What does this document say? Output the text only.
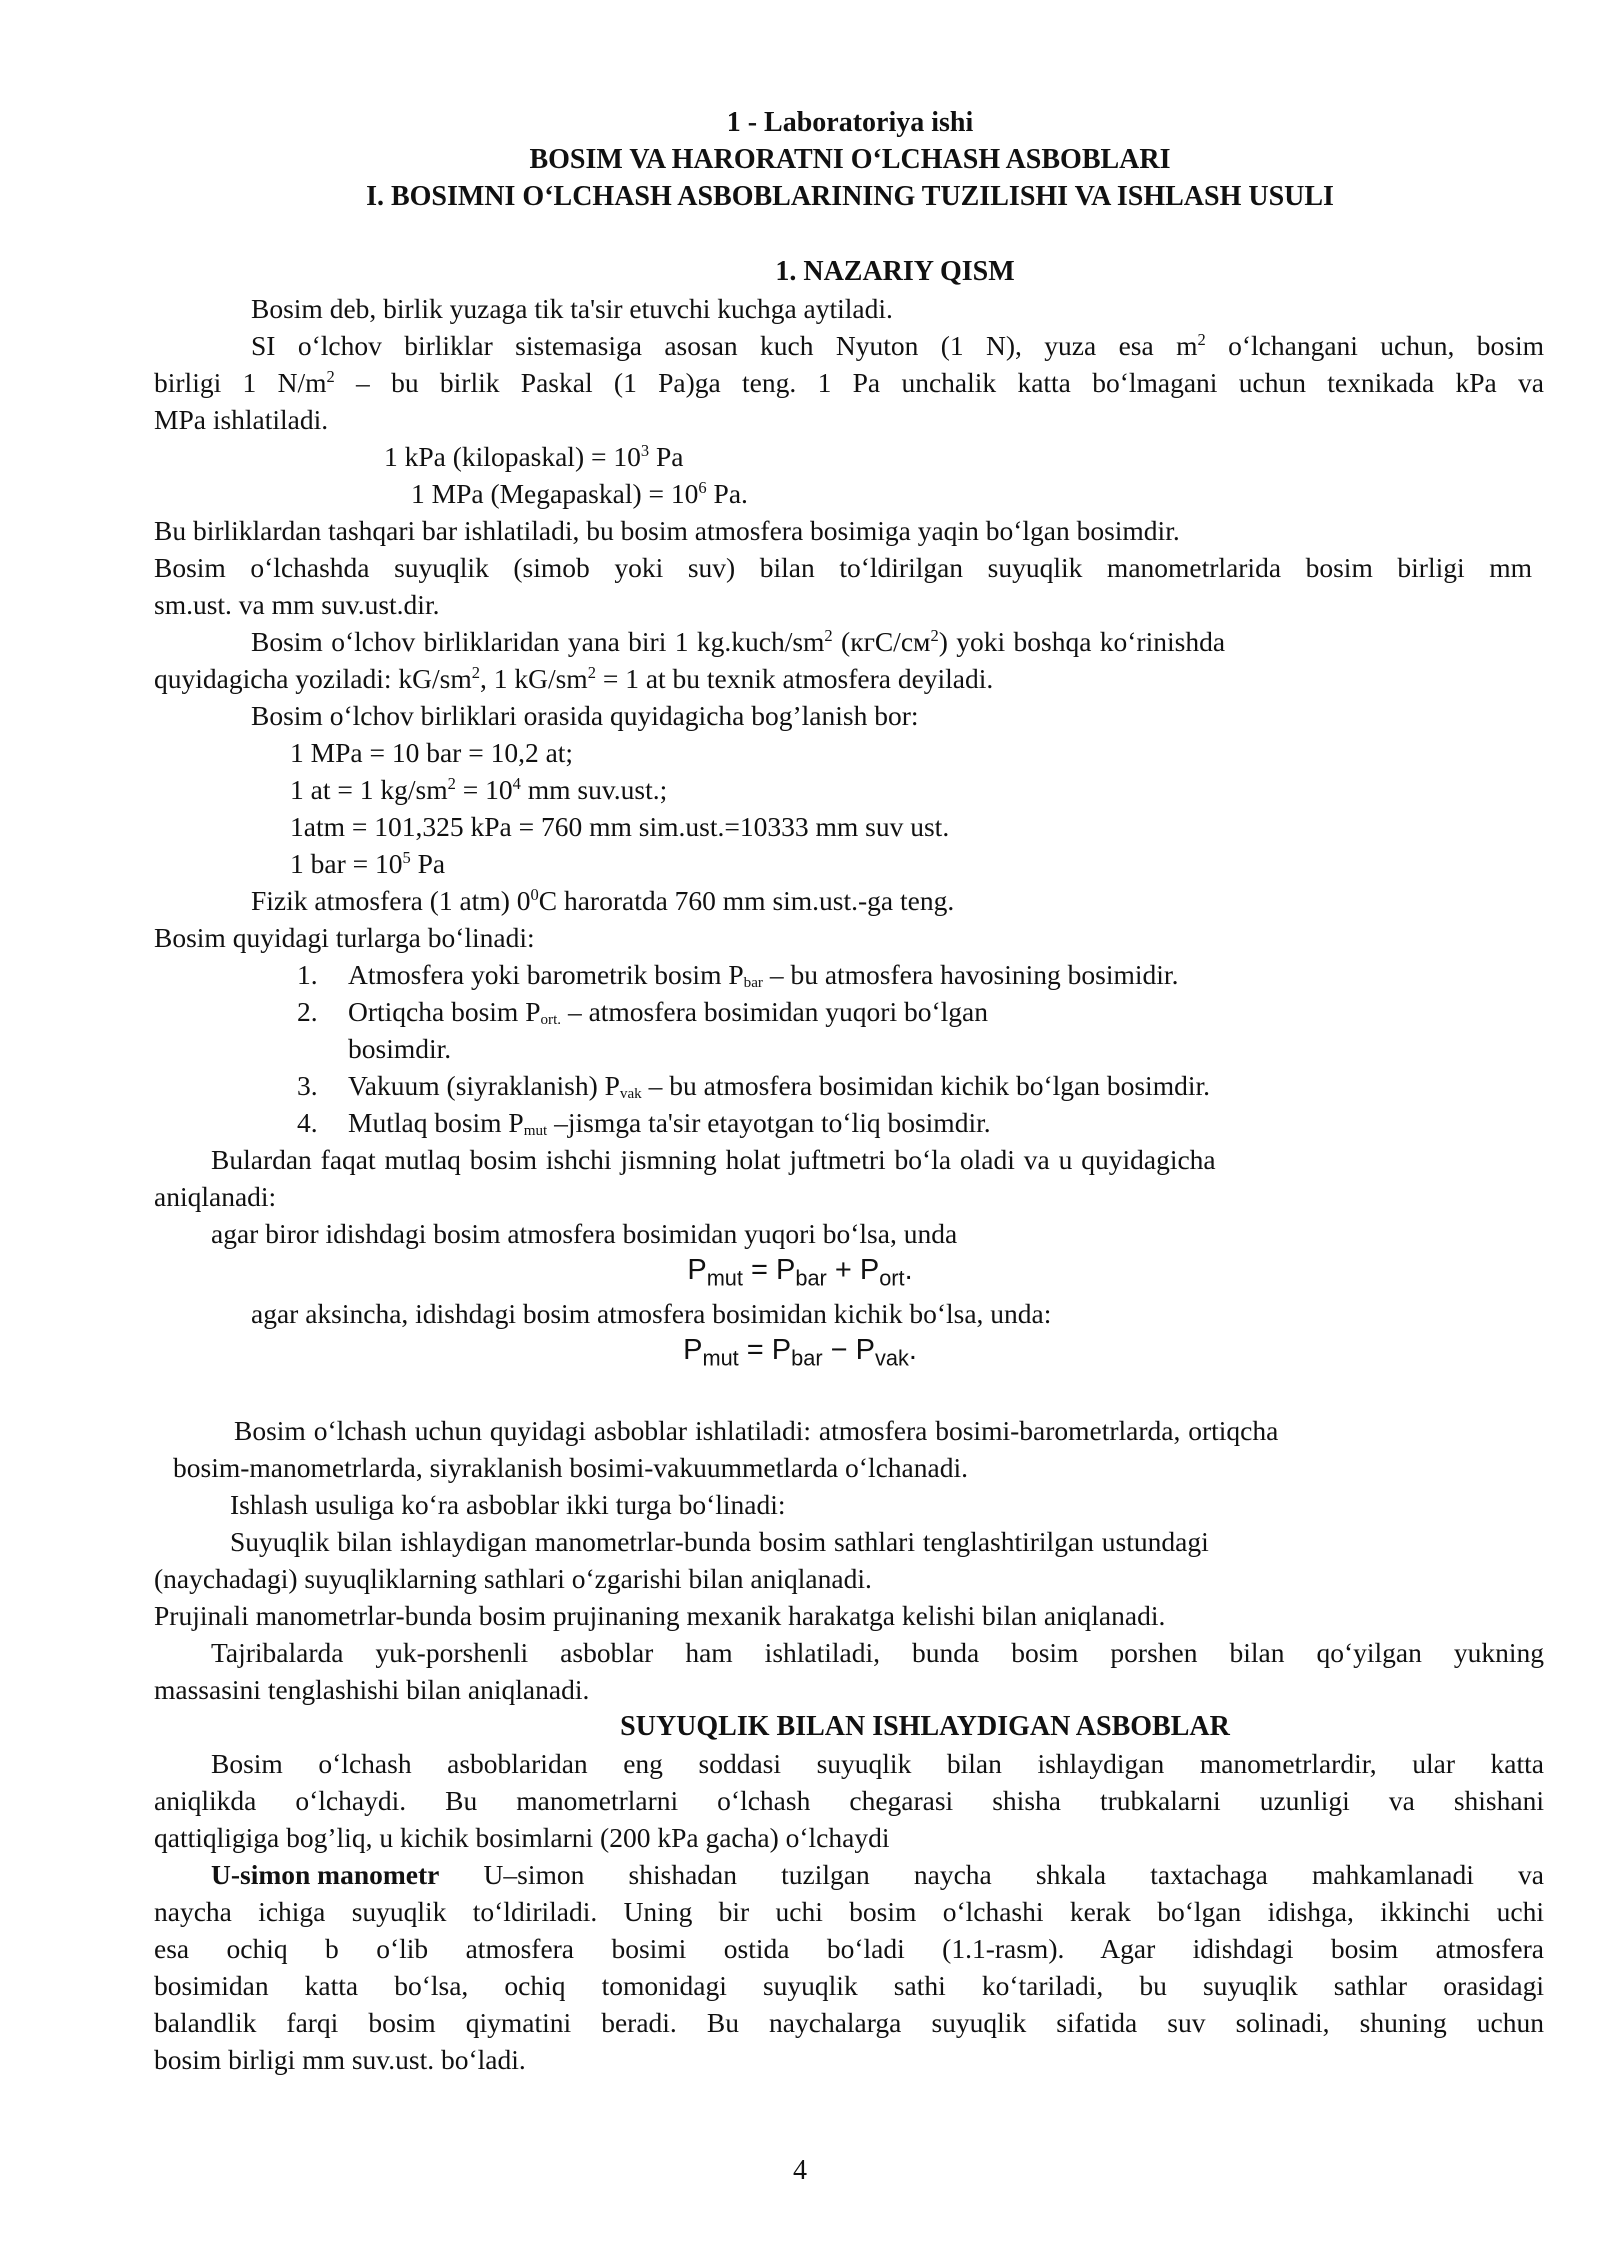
1 - Laboratoriya ishi
BOSIM VA HARORATNI O‘LCHASH ASBOBLARI
I. BOSIMNI O‘LCHASH ASBOBLARINING TUZILISHI VA ISHLASH USULI
1. NAZARIY QISM
Bosim deb, birlik yuzaga tik ta'sir etuvchi kuchga aytiladi.
SI o‘lchov birliklar sistemasiga asosan kuch Nyuton (1 N), yuza esa $m^2$ o‘lchangani uchun, bosim
birligi 1 $N/m^2$ – bu birlik Paskal (1 Pa)ga teng. 1 Pa unchalik katta bo‘lmagani uchun texnikada kPa va
MPa ishlatiladi.
1 kPa (kilopaskal) = $10^3$ Pa
1 MPa (Megapaskal) = $10^6$ Pa.
Bu birliklardan tashqari bar ishlatiladi, bu bosim atmosfera bosimiga yaqin bo‘lgan bosimdir.
Bosim o‘lchashda suyuqlik (simob yoki suv) bilan to‘ldirilgan suyuqlik manometrlarida bosim birligi mm
sm.ust. va mm suv.ust.dir.
Bosim o‘lchov birliklaridan yana biri 1 $kg.kuch/sm^2$ $(кгС/см^2)$ yoki boshqa ko‘rinishda
quyidagicha yoziladi: $kG/sm^2$, 1 $kG/sm^2 = 1$ at bu texnik atmosfera deyiladi.
Bosim o‘lchov birliklari orasida quyidagicha bog’lanish bor:
1 MPa = 10 bar = 10,2 at;
1 at = 1 $kg/sm^2 = 10^4$ mm suv.ust.;
1atm = 101,325 kPa = 760 mm sim.ust.=10333 mm suv ust.
1 bar = $10^5$ Pa
Fizik atmosfera (1 atm) $0^0C$ haroratda 760 mm sim.ust.-ga teng.
Bosim quyidagi turlarga bo‘linadi:
1.	Atmosfera yoki barometrik bosim $P_{bar}$ – bu atmosfera havosining bosimidir.
2.	Ortiqcha bosim $P_{ort.}$ – atmosfera bosimidan yuqori bo‘lgan
bosimdir.
3.	Vakuum (siyraklanish) $P_{vak}$ – bu atmosfera bosimidan kichik bo‘lgan bosimdir.
4.	Mutlaq bosim $P_{mut}$ –jismga ta'sir etayotgan to‘liq bosimdir.
Bulardan faqat mutlaq bosim ishchi jismning holat juftmetri bo‘la oladi va u quyidagicha
aniqlanadi:
agar biror idishdagi bosim atmosfera bosimidan yuqori bo‘lsa, unda
$P_{mut} = P_{bar} + P_{ort}$.
agar aksincha, idishdagi bosim atmosfera bosimidan kichik bo‘lsa, unda:
$P_{mut} = P_{bar} - P_{vak}$.
Bosim o‘lchash uchun quyidagi asboblar ishlatiladi: atmosfera bosimi-barometrlarda, ortiqcha
bosim-manometrlarda, siyraklanish bosimi-vakuummetlarda o‘lchanadi.
Ishlash usuliga ko‘ra asboblar ikki turga bo‘linadi:
Suyuqlik bilan ishlaydigan manometrlar-bunda bosim sathlari tenglashtirilgan ustundagi
(naychadagi) suyuqliklarning sathlari o‘zgarishi bilan aniqlanadi.
Prujinali manometrlar-bunda bosim prujinaning mexanik harakatga kelishi bilan aniqlanadi.
Tajribalarda yuk-porshenli asboblar ham ishlatiladi, bunda bosim porshen bilan qo‘yilgan yukning
massasini tenglashishi bilan aniqlanadi.
SUYUQLIK BILAN ISHLAYDIGAN ASBOBLAR
Bosim o‘lchash asboblaridan eng soddasi suyuqlik bilan ishlaydigan manometrlardir, ular katta
aniqlikda o‘lchaydi. Bu manometrlarni o‘lchash chegarasi shisha trubkalarni uzunligi va shishani
qattiqligiga bog’liq, u kichik bosimlarni (200 kPa gacha) o‘lchaydi
U-simon manometr U–simon  shishadan  tuzilgan  naycha  shkala  taxtachaga  mahkamlanadi  va
naycha ichiga suyuqlik to‘ldiriladi. Uning bir uchi bosim o‘lchashi kerak bo‘lgan idishga, ikkinchi uchi
esa ochiq b o‘lib atmosfera bosimi ostida bo‘ladi (1.1-rasm). Agar idishdagi bosim atmosfera
bosimidan katta bo‘lsa, ochiq tomonidagi suyuqlik sathi ko‘tariladi, bu suyuqlik sathlar orasidagi
balandlik farqi bosim qiymatini beradi. Bu naychalarga suyuqlik sifatida suv solinadi, shuning uchun
bosim birligi mm suv.ust. bo‘ladi.
4
